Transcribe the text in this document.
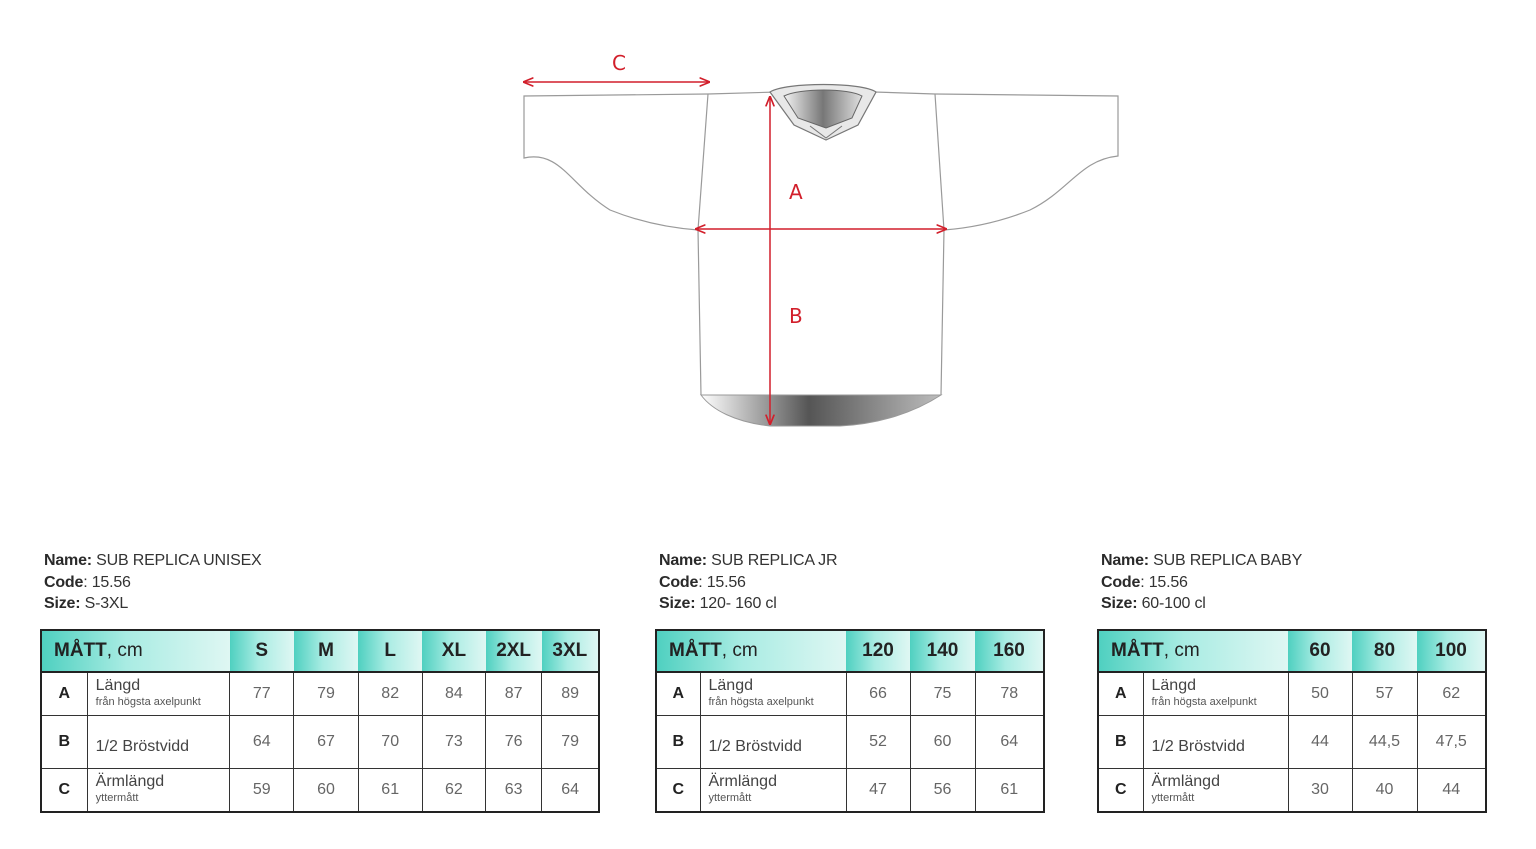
C
A
B
Name: SUB REPLICA UNISEX
Code: 15.56
Size: S-3XL
MÅTT, cm		S	M	L	XL	2XL	3XL
A	Längd
från högsta axelpunkt	77	79	82	84	87	89
B	1/2 Bröstvidd	64	67	70	73	76	79
C	Ärmlängd
yttermått	59	60	61	62	63	64
Name: SUB REPLICA JR
Code: 15.56
Size: 120- 160 cl
MÅTT, cm		120	140	160
A	Längd
från högsta axelpunkt	66	75	78
B	1/2 Bröstvidd	52	60	64
C	Ärmlängd
yttermått	47	56	61
Name: SUB REPLICA BABY
Code: 15.56
Size: 60-100 cl
MÅTT, cm		60	80	100
A	Längd
från högsta axelpunkt	50	57	62
B	1/2 Bröstvidd	44	44,5	47,5
C	Ärmlängd
yttermått	30	40	44
